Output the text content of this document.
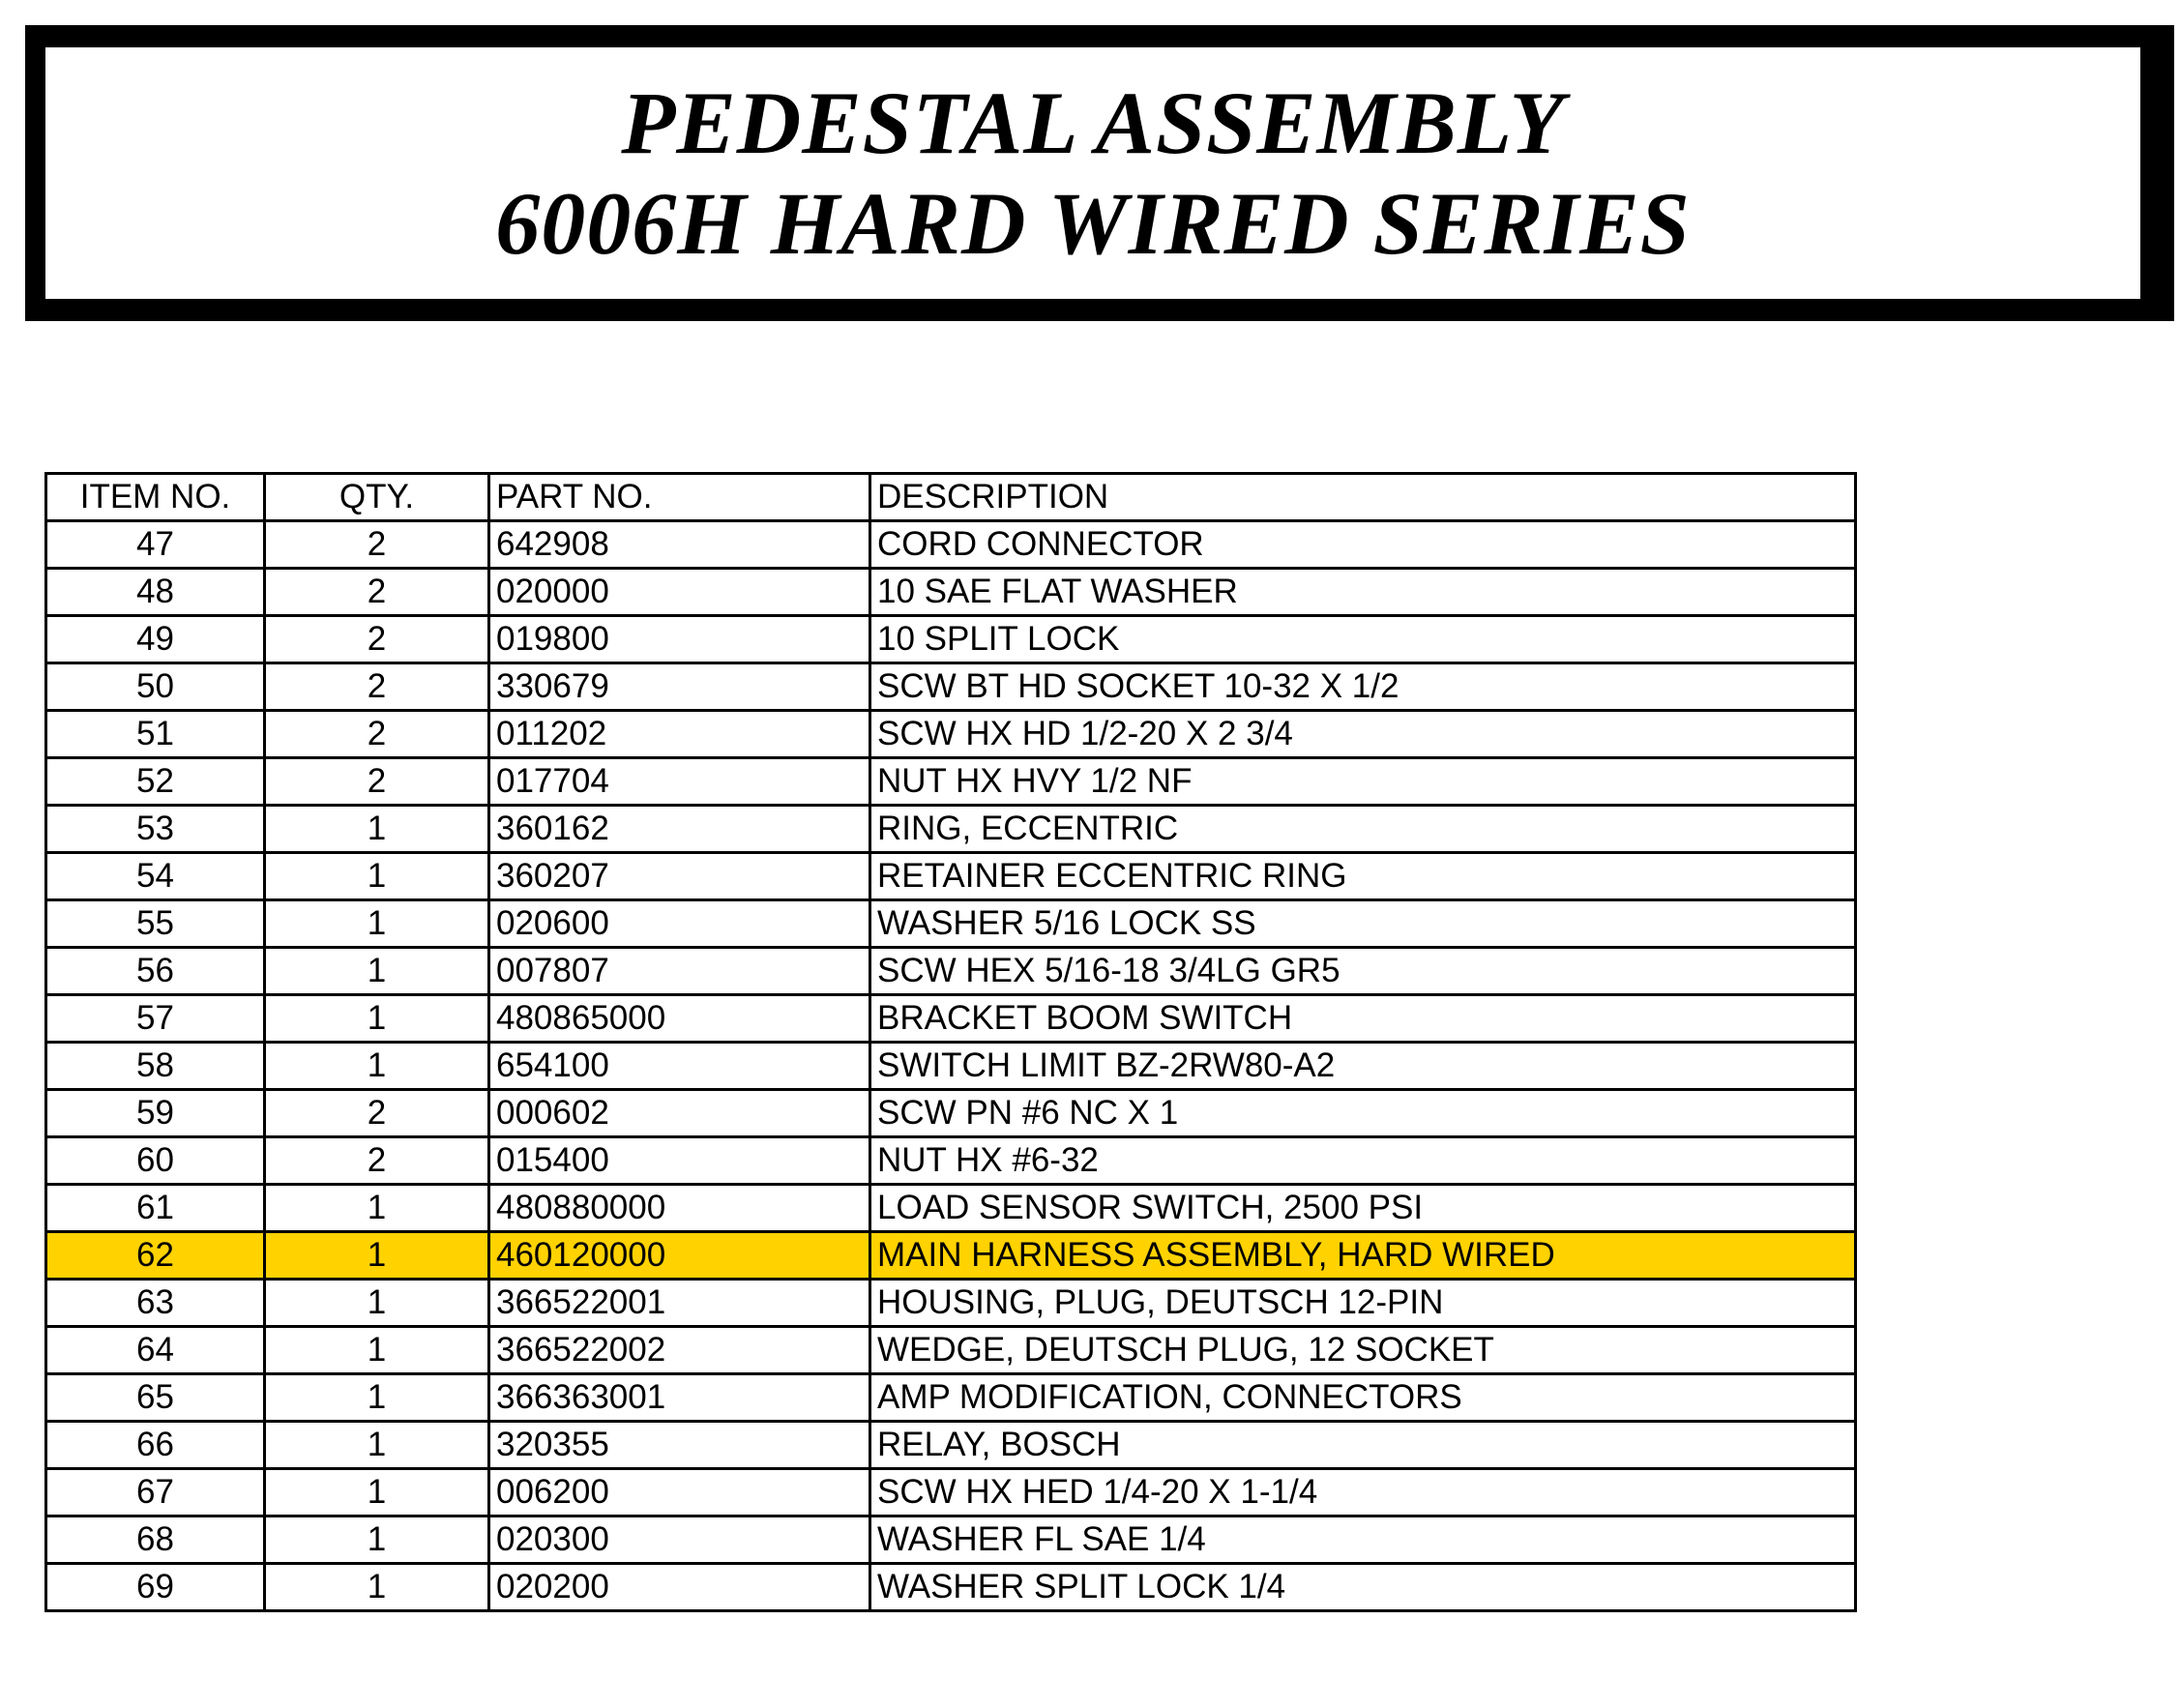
PEDESTAL ASSEMBLY
6006H HARD WIRED SERIES
ITEM NO.	QTY.	PART NO.	DESCRIPTION
47	2	642908	CORD CONNECTOR
48	2	020000	10 SAE FLAT WASHER
49	2	019800	10 SPLIT LOCK
50	2	330679	SCW BT HD SOCKET 10-32 X 1/2
51	2	011202	SCW HX HD 1/2-20 X 2 3/4
52	2	017704	NUT HX HVY 1/2 NF
53	1	360162	RING, ECCENTRIC
54	1	360207	RETAINER ECCENTRIC RING
55	1	020600	WASHER 5/16 LOCK SS
56	1	007807	SCW HEX 5/16-18 3/4LG GR5
57	1	480865000	BRACKET BOOM SWITCH
58	1	654100	SWITCH LIMIT BZ-2RW80-A2
59	2	000602	SCW PN #6 NC X 1
60	2	015400	NUT HX #6-32
61	1	480880000	LOAD SENSOR SWITCH, 2500 PSI
62	1	460120000	MAIN HARNESS ASSEMBLY, HARD WIRED
63	1	366522001	HOUSING, PLUG, DEUTSCH 12-PIN
64	1	366522002	WEDGE, DEUTSCH PLUG, 12 SOCKET
65	1	366363001	AMP MODIFICATION, CONNECTORS
66	1	320355	RELAY, BOSCH
67	1	006200	SCW HX HED 1/4-20 X 1-1/4
68	1	020300	WASHER FL SAE 1/4
69	1	020200	WASHER SPLIT LOCK 1/4
